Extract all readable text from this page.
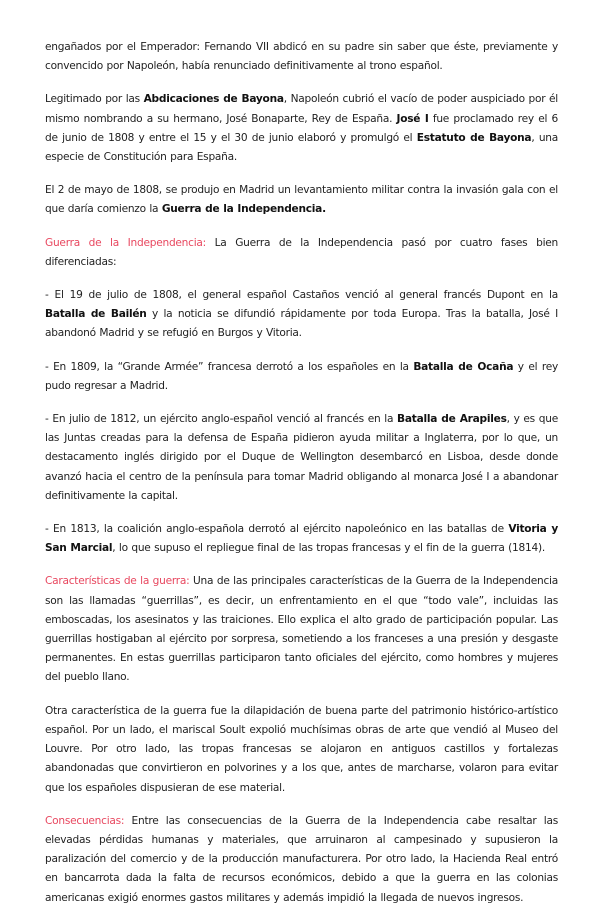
engañados por el Emperador: Fernando VII abdicó en su padre sin saber que éste, previamente y convencido por Napoleón, había renunciado definitivamente al trono español.

Legitimado por las Abdicaciones de Bayona, Napoleón cubrió el vacío de poder auspiciado por él mismo nombrando a su hermano, José Bonaparte, Rey de España. José I fue proclamado rey el 6 de junio de 1808 y entre el 15 y el 30 de junio elaboró y promulgó el Estatuto de Bayona, una especie de Constitución para España.

El 2 de mayo de 1808, se produjo en Madrid un levantamiento militar contra la invasión gala con el que daría comienzo la Guerra de la Independencia.

Guerra de la Independencia: La Guerra de la Independencia pasó por cuatro fases bien diferenciadas:

- El 19 de julio de 1808, el general español Castaños venció al general francés Dupont en la Batalla de Bailén y la noticia se difundió rápidamente por toda Europa. Tras la batalla, José I abandonó Madrid y se refugió en Burgos y Vitoria.

- En 1809, la “Grande Armée” francesa derrotó a los españoles en la Batalla de Ocaña y el rey pudo regresar a Madrid.

- En julio de 1812, un ejército anglo-español venció al francés en la Batalla de Arapiles, y es que las Juntas creadas para la defensa de España pidieron ayuda militar a Inglaterra, por lo que, un destacamento inglés dirigido por el Duque de Wellington desembarcó en Lisboa, desde donde avanzó hacia el centro de la península para tomar Madrid obligando al monarca José I a abandonar definitivamente la capital.

- En 1813, la coalición anglo-española derrotó al ejército napoleónico en las batallas de Vitoria y San Marcial, lo que supuso el repliegue final de las tropas francesas y el fin de la guerra (1814).

Características de la guerra: Una de las principales características de la Guerra de la Independencia son las llamadas “guerrillas”, es decir, un enfrentamiento en el que “todo vale”, incluidas las emboscadas, los asesinatos y las traiciones. Ello explica el alto grado de participación popular. Las guerrillas hostigaban al ejército por sorpresa, sometiendo a los franceses a una presión y desgaste permanentes. En estas guerrillas participaron tanto oficiales del ejército, como hombres y mujeres del pueblo llano.

Otra característica de la guerra fue la dilapidación de buena parte del patrimonio histórico-artístico español. Por un lado, el mariscal Soult expolió muchísimas obras de arte que vendió al Museo del Louvre. Por otro lado, las tropas francesas se alojaron en antiguos castillos y fortalezas abandonadas que convirtieron en polvorines y a los que, antes de marcharse, volaron para evitar que los españoles dispusieran de ese material.

Consecuencias: Entre las consecuencias de la Guerra de la Independencia cabe resaltar las elevadas pérdidas humanas y materiales, que arruinaron al campesinado y supusieron la paralización del comercio y de la producción manufacturera. Por otro lado, la Hacienda Real entró en bancarrota dada la falta de recursos económicos, debido a que la guerra en las colonias americanas exigió enormes gastos militares y además impidió la llegada de nuevos ingresos.
